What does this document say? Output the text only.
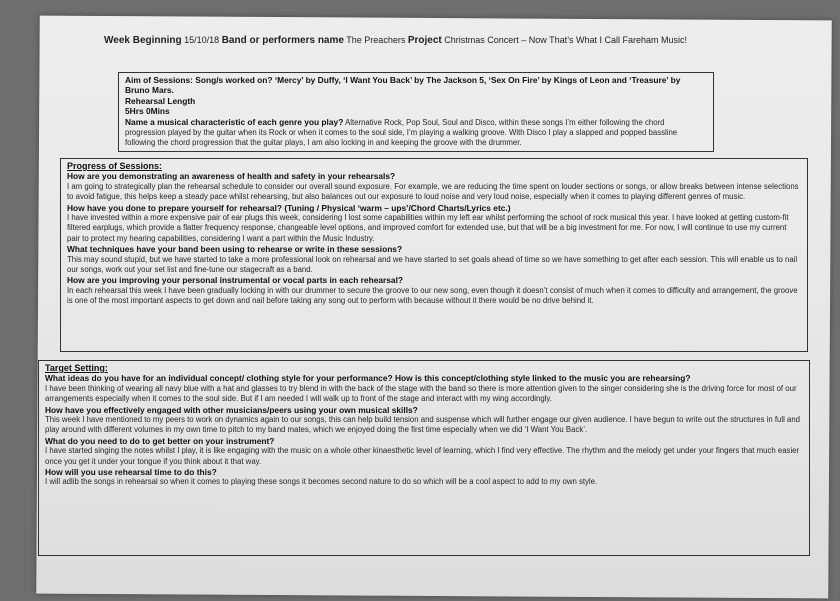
Week Beginning 15/10/18 Band or performers name The Preachers Project Christmas Concert – Now That’s What I Call Fareham Music!

Aim of Sessions: Song/s worked on? ‘Mercy’ by Duffy, ‘I Want You Back’ by The Jackson 5, ‘Sex On Fire’ by Kings of Leon and ‘Treasure’ by Bruno Mars.

Rehearsal Length

5Hrs 0Mins

Name a musical characteristic of each genre you play? Alternative Rock, Pop Soul, Soul and Disco, within these songs I’m either following the chord progression played by the guitar when its Rock or when it comes to the soul side, I’m playing a walking groove. With Disco I play a slapped and popped bassline following the chord progression that the guitar plays, I am also locking in and keeping the groove with the drummer.

Progress of Sessions:

How are you demonstrating an awareness of health and safety in your rehearsals?

I am going to strategically plan the rehearsal schedule to consider our overall sound exposure. For example, we are reducing the time spent on louder sections or songs, or allow breaks between intense selections to avoid fatigue, this helps keep a steady pace whilst rehearsing, but also balances out our exposure to loud noise and very loud noise, especially when it comes to playing different genres of music.

How have you done to prepare yourself for rehearsal? (Tuning / Physical ‘warm – ups’/Chord Charts/Lyrics etc.)

I have invested within a more expensive pair of ear plugs this week, considering I lost some capabilities within my left ear whilst performing the school of rock musical this year. I have looked at getting custom-fit filtered earplugs, which provide a flatter frequency response, changeable level options, and improved comfort for extended use, but that will be a big investment for me. For now, I will continue to use my current pair to protect my hearing capabilities, considering I want a part within the Music Industry.

What techniques have your band been using to rehearse or write in these sessions?

This may sound stupid, but we have started to take a more professional look on rehearsal and we have started to set goals ahead of time so we have something to get after each session. This will enable us to nail our songs, work out your set list and fine-tune our stagecraft as a band.

How are you improving your personal instrumental or vocal parts in each rehearsal?

In each rehearsal this week I have been gradually locking in with our drummer to secure the groove to our new song, even though it doesn’t consist of much when it comes to difficulty and arrangement, the groove is one of the most important aspects to get down and nail before taking any song out to perform with because without it there would be no drive behind it.

Target Setting:

What ideas do you have for an individual concept/ clothing style for your performance? How is this concept/clothing style linked to the music you are rehearsing?

I have been thinking of wearing all navy blue with a hat and glasses to try blend in with the back of the stage with the band so there is more attention given to the singer considering she is the driving force for most of our arrangements especially when it comes to the soul side. But if I am needed I will walk up to front of the stage and interact with my wing accordingly.

How have you effectively engaged with other musicians/peers using your own musical skills?

This week I have mentioned to my peers to work on dynamics again to our songs, this can help build tension and suspense which will further engage our given audience. I have begun to write out the structures in full and play around with different volumes in my own time to pitch to my band mates, which we enjoyed doing the first time especially when we did ‘I Want You Back’.

What do you need to do to get better on your instrument?

I have started singing the notes whilst I play, it is like engaging with the music on a whole other kinaesthetic level of learning, which I find very effective. The rhythm and the melody get under your fingers that much easier once you get it under your tongue if you think about it that way.

How will you use rehearsal time to do this?

I will adlib the songs in rehearsal so when it comes to playing these songs it becomes second nature to do so which will be a cool aspect to add to my own style.
